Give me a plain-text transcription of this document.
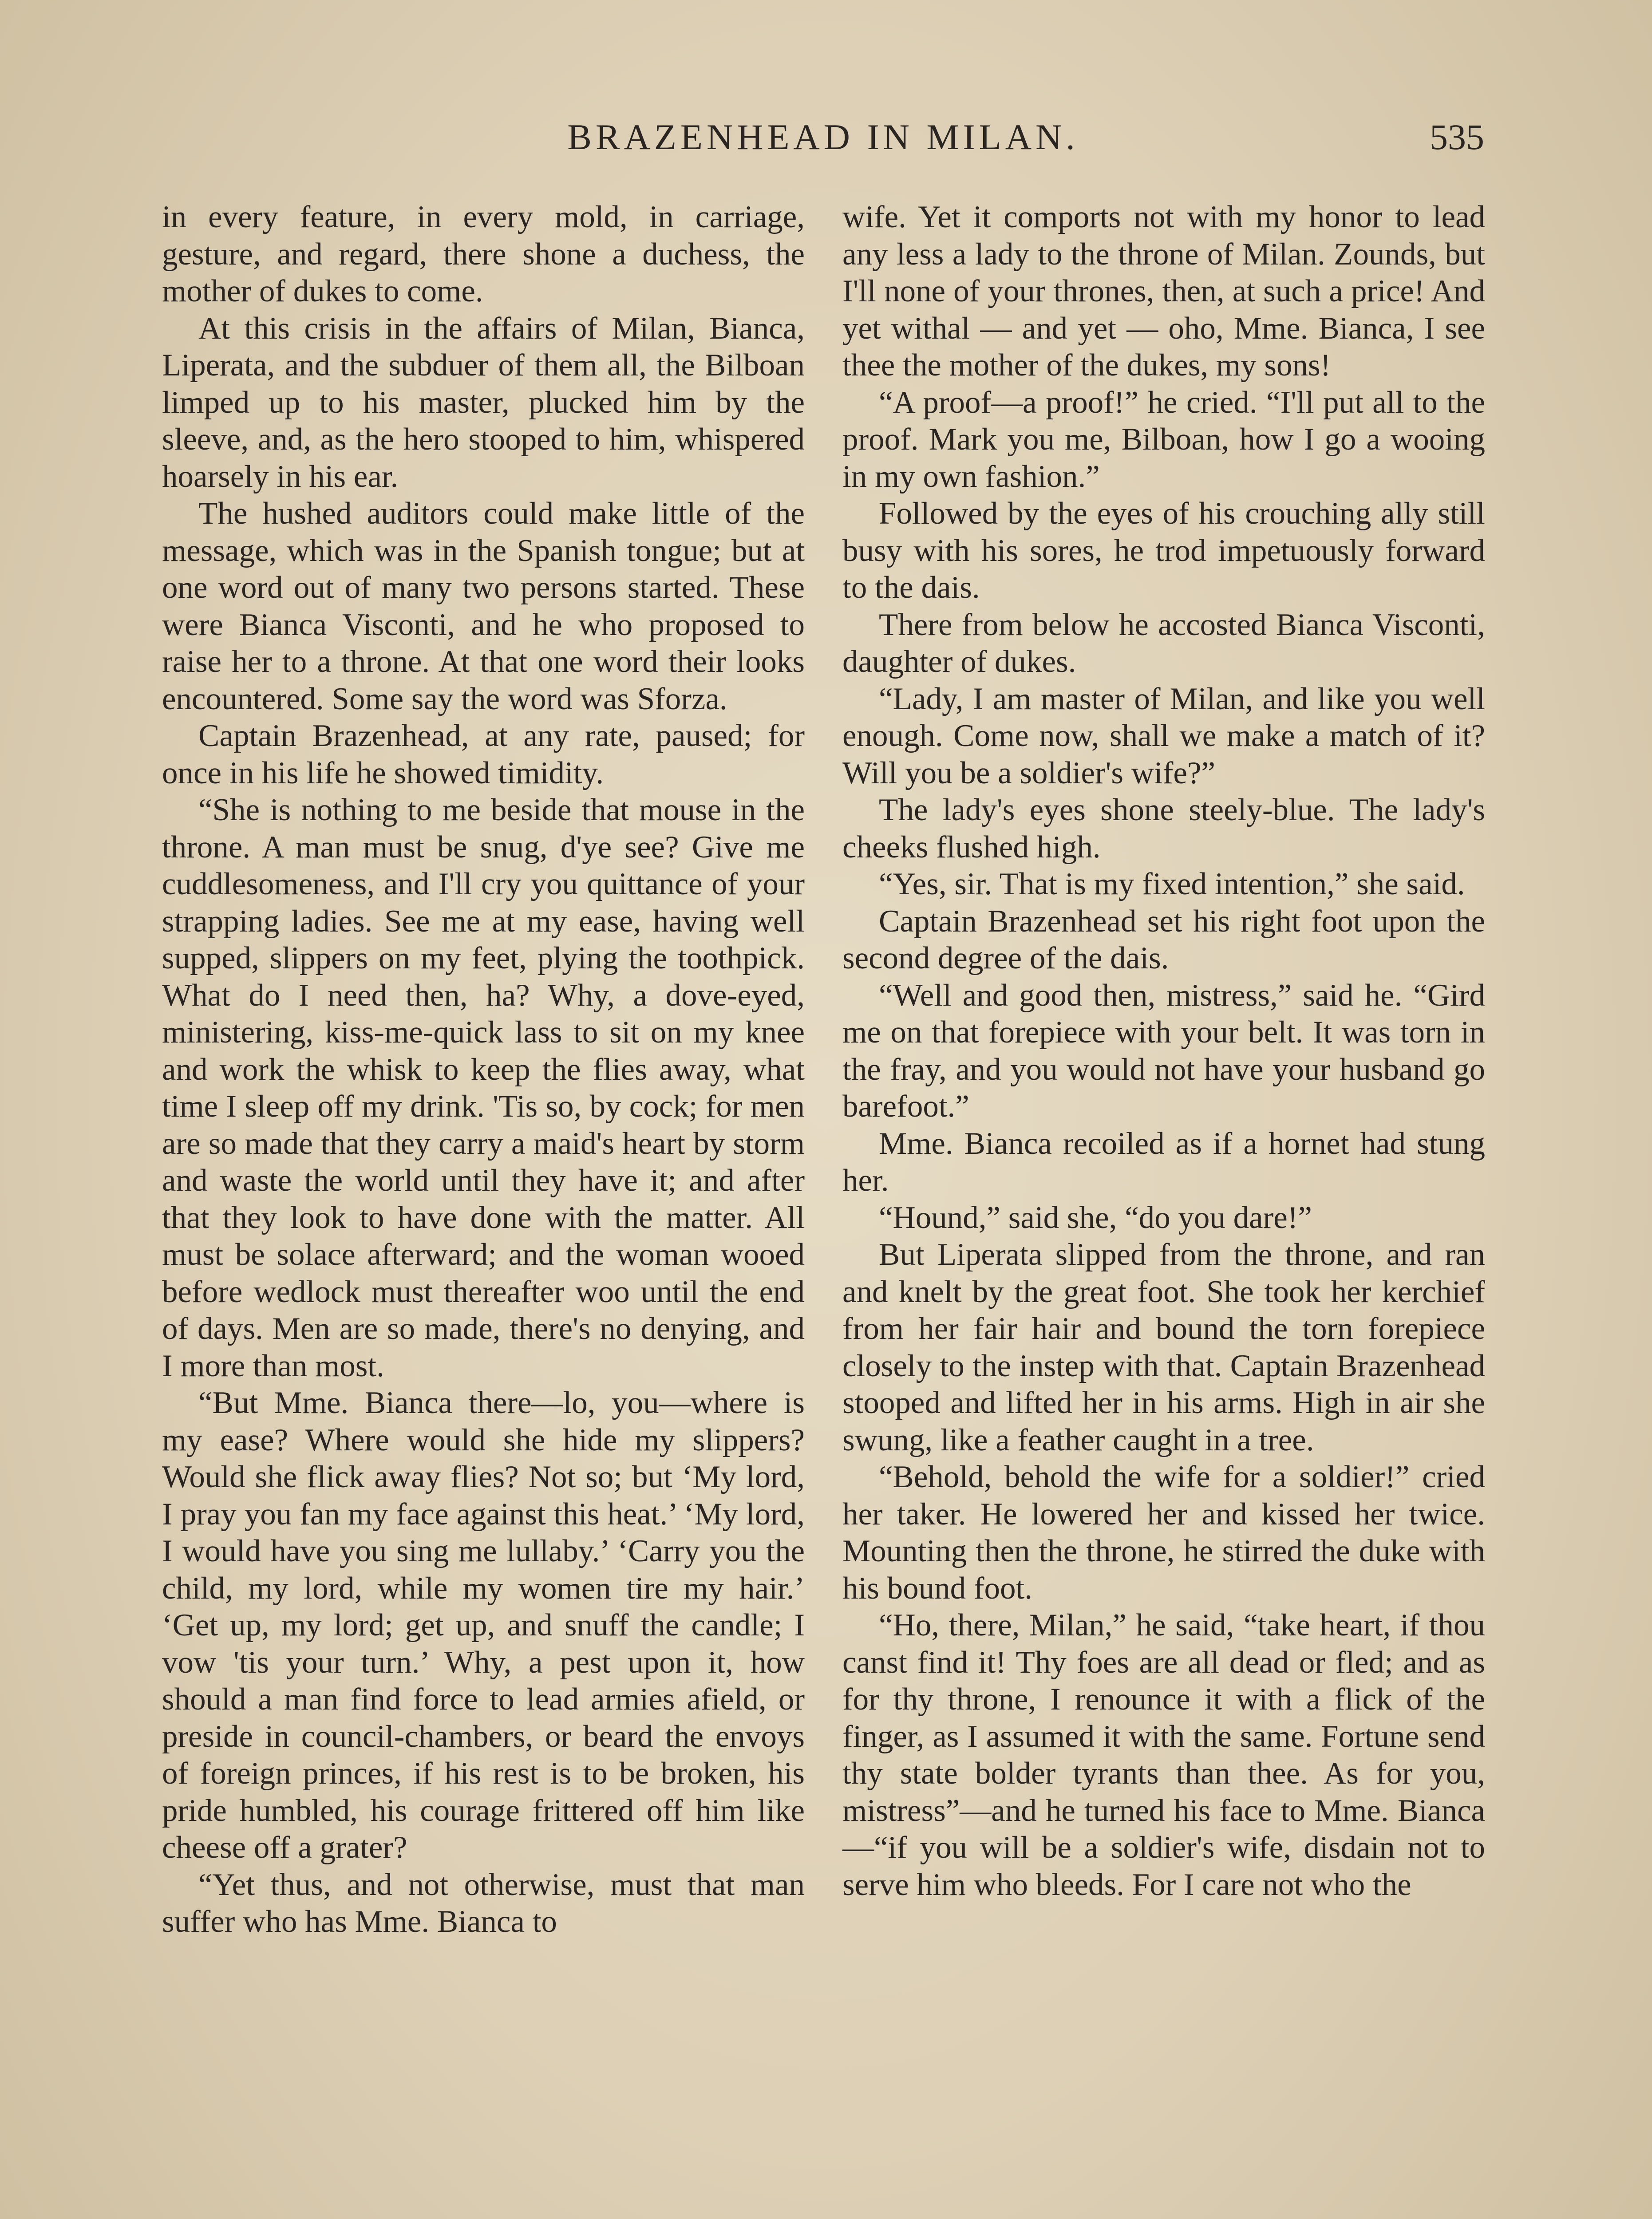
BRAZENHEAD IN MILAN.	535

in every feature, in every mold, in carriage, gesture, and regard, there shone a duchess, the mother of dukes to come.

At this crisis in the affairs of Milan, Bianca, Liperata, and the subduer of them all, the Bilboan limped up to his master, plucked him by the sleeve, and, as the hero stooped to him, whispered hoarsely in his ear.

The hushed auditors could make little of the message, which was in the Spanish tongue; but at one word out of many two persons started. These were Bianca Visconti, and he who proposed to raise her to a throne. At that one word their looks encountered. Some say the word was Sforza.

Captain Brazenhead, at any rate, paused; for once in his life he showed timidity.

“She is nothing to me beside that mouse in the throne. A man must be snug, d'ye see? Give me cuddlesomeness, and I'll cry you quittance of your strapping ladies. See me at my ease, having well supped, slippers on my feet, plying the toothpick. What do I need then, ha? Why, a dove-eyed, ministering, kiss-me-quick lass to sit on my knee and work the whisk to keep the flies away, what time I sleep off my drink. 'Tis so, by cock; for men are so made that they carry a maid's heart by storm and waste the world until they have it; and after that they look to have done with the matter. All must be solace afterward; and the woman wooed before wedlock must thereafter woo until the end of days. Men are so made, there's no denying, and I more than most.

“But Mme. Bianca there—lo, you—where is my ease? Where would she hide my slippers? Would she flick away flies? Not so; but ‘My lord, I pray you fan my face against this heat.’ ‘My lord, I would have you sing me lullaby.’ ‘Carry you the child, my lord, while my women tire my hair.’ ‘Get up, my lord; get up, and snuff the candle; I vow 'tis your turn.’ Why, a pest upon it, how should a man find force to lead armies afield, or preside in council-chambers, or beard the envoys of foreign princes, if his rest is to be broken, his pride humbled, his courage frittered off him like cheese off a grater?

“Yet thus, and not otherwise, must that man suffer who has Mme. Bianca to

wife. Yet it comports not with my honor to lead any less a lady to the throne of Milan. Zounds, but I'll none of your thrones, then, at such a price! And yet withal — and yet — oho, Mme. Bianca, I see thee the mother of the dukes, my sons!

“A proof—a proof!” he cried. “I'll put all to the proof. Mark you me, Bilboan, how I go a wooing in my own fashion.”

Followed by the eyes of his crouching ally still busy with his sores, he trod impetuously forward to the dais.

There from below he accosted Bianca Visconti, daughter of dukes.

“Lady, I am master of Milan, and like you well enough. Come now, shall we make a match of it? Will you be a soldier's wife?”

The lady's eyes shone steely-blue. The lady's cheeks flushed high.

“Yes, sir. That is my fixed intention,” she said.

Captain Brazenhead set his right foot upon the second degree of the dais.

“Well and good then, mistress,” said he. “Gird me on that forepiece with your belt. It was torn in the fray, and you would not have your husband go barefoot.”

Mme. Bianca recoiled as if a hornet had stung her.

“Hound,” said she, “do you dare!”

But Liperata slipped from the throne, and ran and knelt by the great foot. She took her kerchief from her fair hair and bound the torn forepiece closely to the instep with that. Captain Brazenhead stooped and lifted her in his arms. High in air she swung, like a feather caught in a tree.

“Behold, behold the wife for a soldier!” cried her taker. He lowered her and kissed her twice. Mounting then the throne, he stirred the duke with his bound foot.

“Ho, there, Milan,” he said, “take heart, if thou canst find it! Thy foes are all dead or fled; and as for thy throne, I renounce it with a flick of the finger, as I assumed it with the same. Fortune send thy state bolder tyrants than thee. As for you, mistress”—and he turned his face to Mme. Bianca—“if you will be a soldier's wife, disdain not to serve him who bleeds. For I care not who the
